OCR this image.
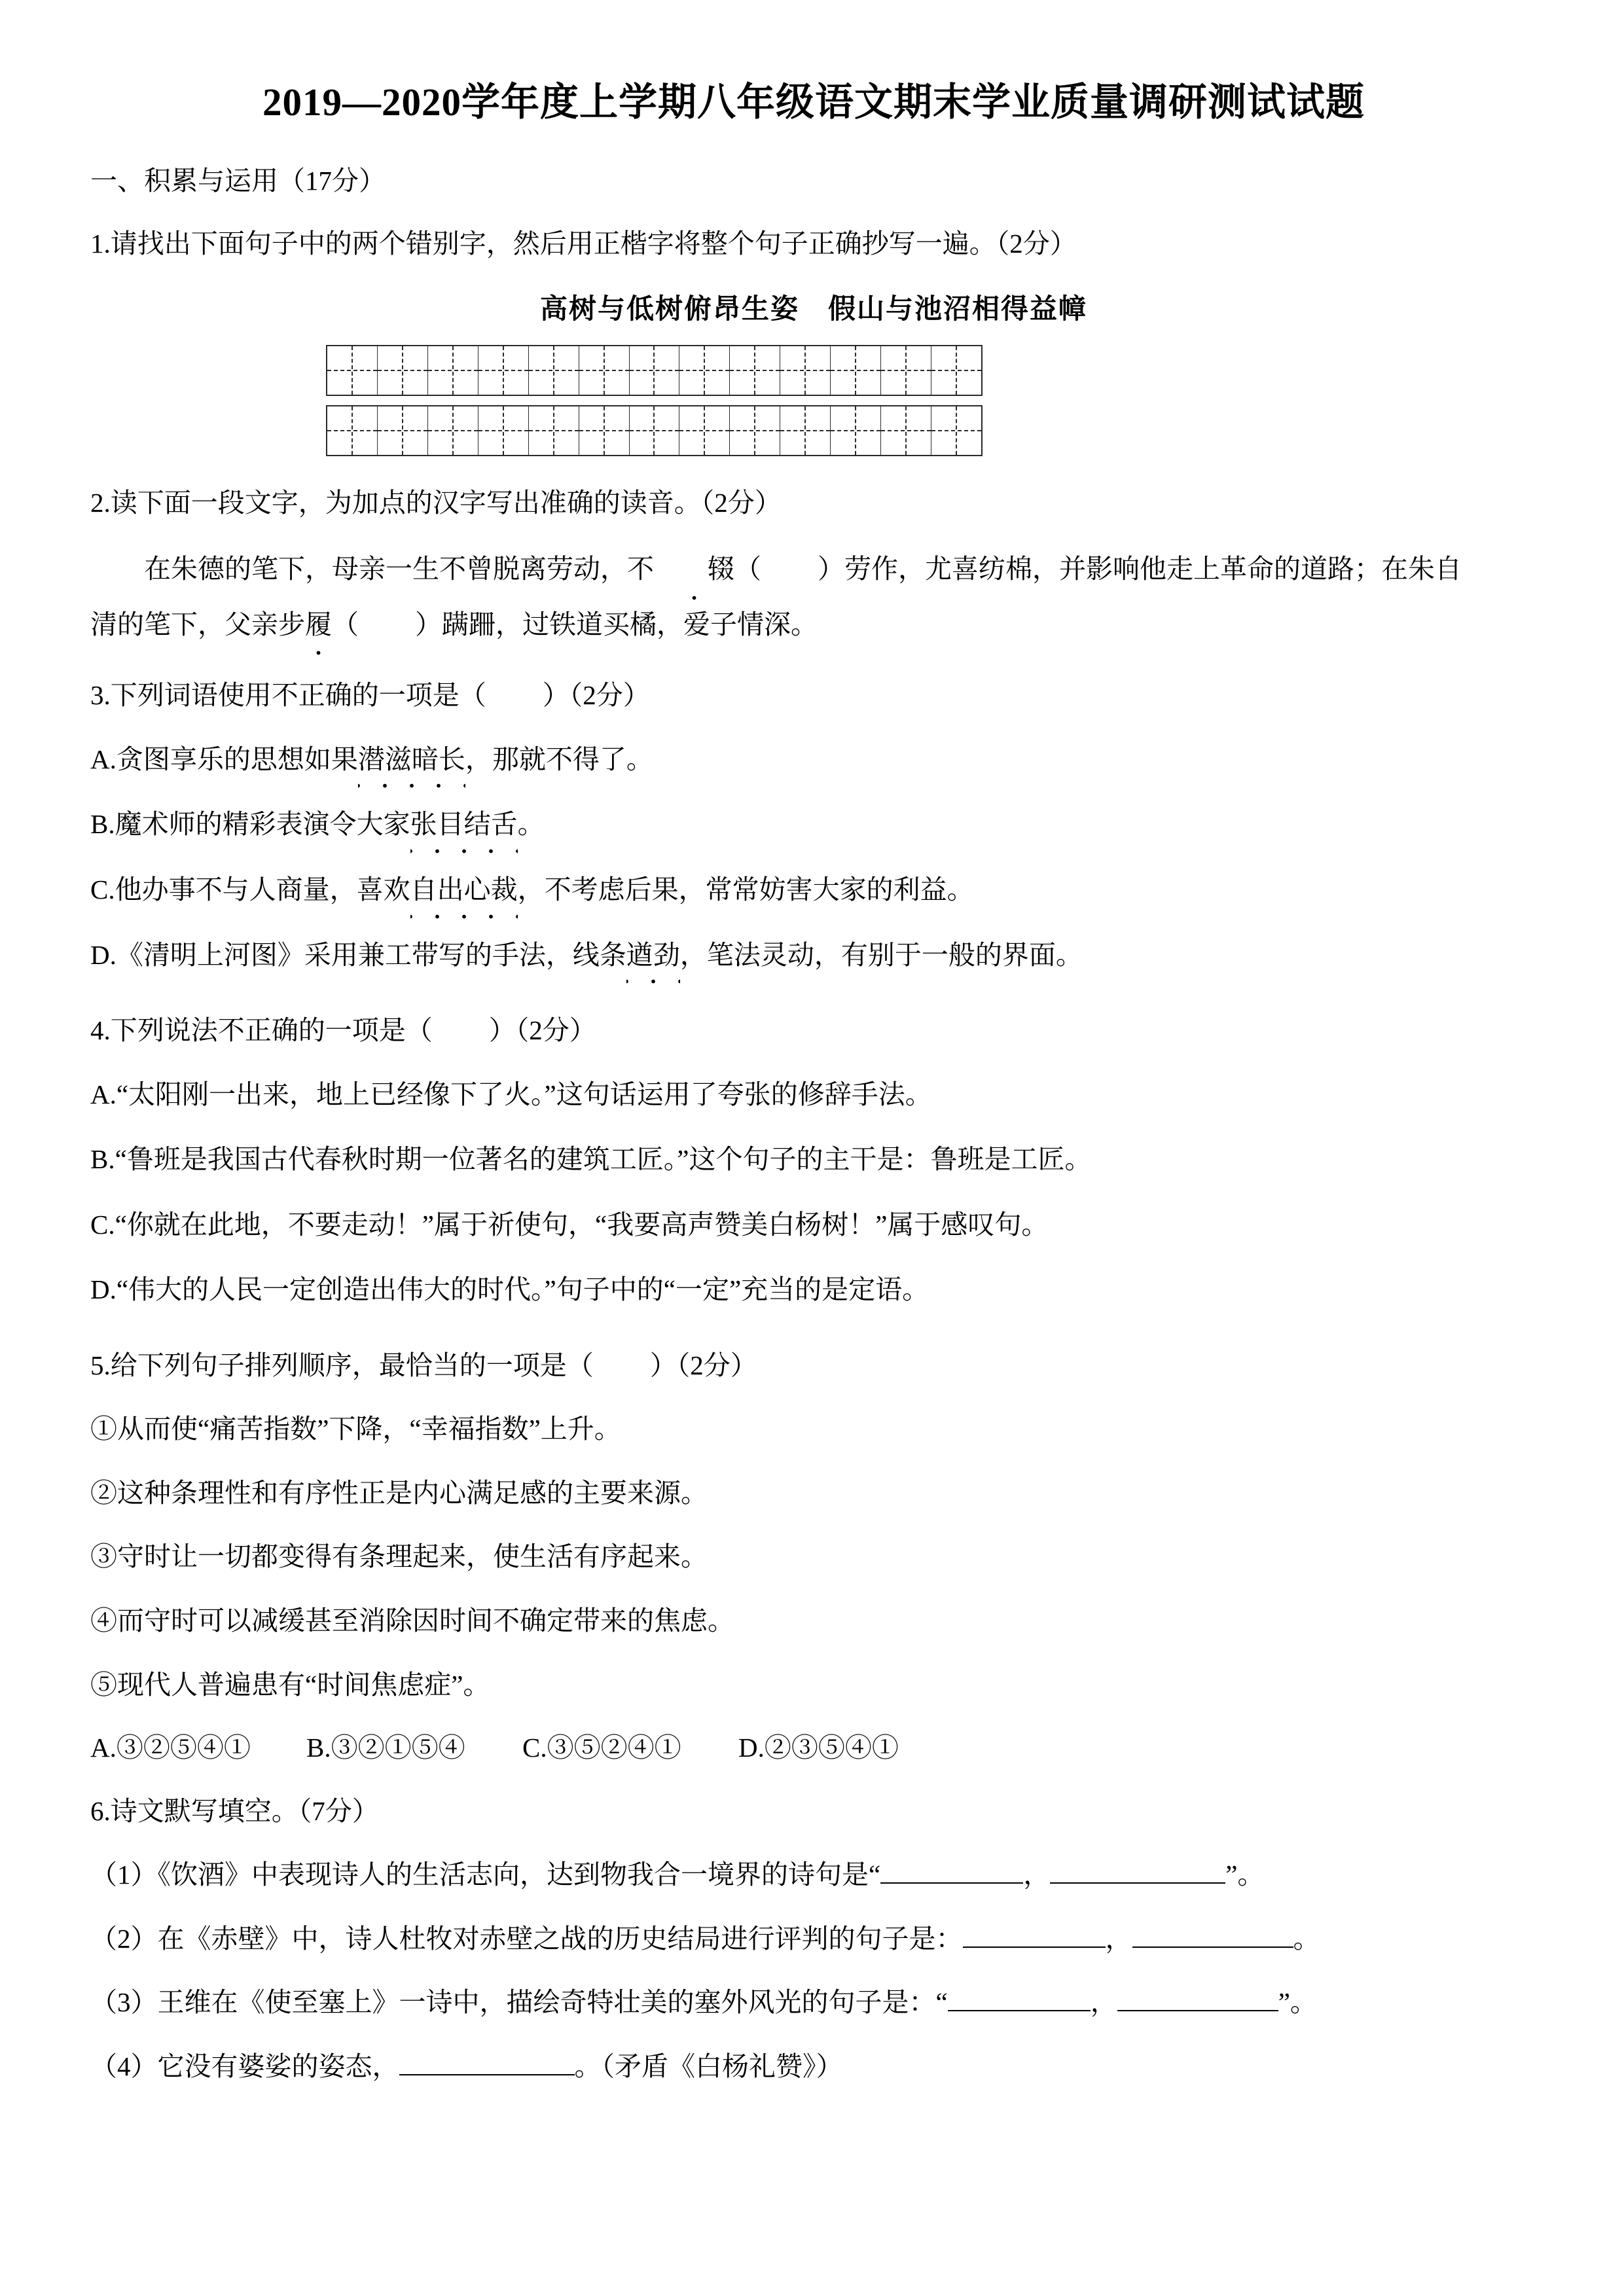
2019—2020学年度上学期八年级语文期末学业质量调研测试试题
一、积累与运用（17分）
1.请找出下面句子中的两个错别字，然后用正楷字将整个句子正确抄写一遍。（2分）
高树与低树俯昂生姿　假山与池沼相得益幛
2.读下面一段文字，为加点的汉字写出准确的读音。（2分）
在朱德的笔下，母亲一生不曾脱离劳动，不 辍（ ）劳作，尤喜纺棉，并影响他走上革命的道路；在朱自
清的笔下，父亲步履（ ）蹒跚，过铁道买橘，爱子情深。
3.下列词语使用不正确的一项是（ ）（2分）
A.贪图享乐的思想如果潜滋暗长，那就不得了。
B.魔术师的精彩表演令大家张目结舌。
C.他办事不与人商量，喜欢自出心裁，不考虑后果，常常妨害大家的利益。
D.《清明上河图》采用兼工带写的手法，线条遒劲，笔法灵动，有别于一般的界面。
4.下列说法不正确的一项是（ ）（2分）
A.“太阳刚一出来，地上已经像下了火。”这句话运用了夸张的修辞手法。
B.“鲁班是我国古代春秋时期一位著名的建筑工匠。”这个句子的主干是：鲁班是工匠。
C.“你就在此地，不要走动！”属于祈使句，“我要高声赞美白杨树！”属于感叹句。
D.“伟大的人民一定创造出伟大的时代。”句子中的“一定”充当的是定语。
5.给下列句子排列顺序，最恰当的一项是（ ）（2分）
①从而使“痛苦指数”下降，“幸福指数”上升。
②这种条理性和有序性正是内心满足感的主要来源。
③守时让一切都变得有条理起来，使生活有序起来。
④而守时可以减缓甚至消除因时间不确定带来的焦虑。
⑤现代人普遍患有“时间焦虑症”。
A.③②⑤④①	B.③②①⑤④	C.③⑤②④①	D.②③⑤④①
6.诗文默写填空。（7分）
（1）《饮酒》中表现诗人的生活志向，达到物我合一境界的诗句是“	，	”。
（2）在《赤壁》中，诗人杜牧对赤壁之战的历史结局进行评判的句子是：	，	。
（3）王维在《使至塞上》一诗中，描绘奇特壮美的塞外风光的句子是：“	，	”。
（4）它没有婆娑的姿态，	。（矛盾《白杨礼赞》）
